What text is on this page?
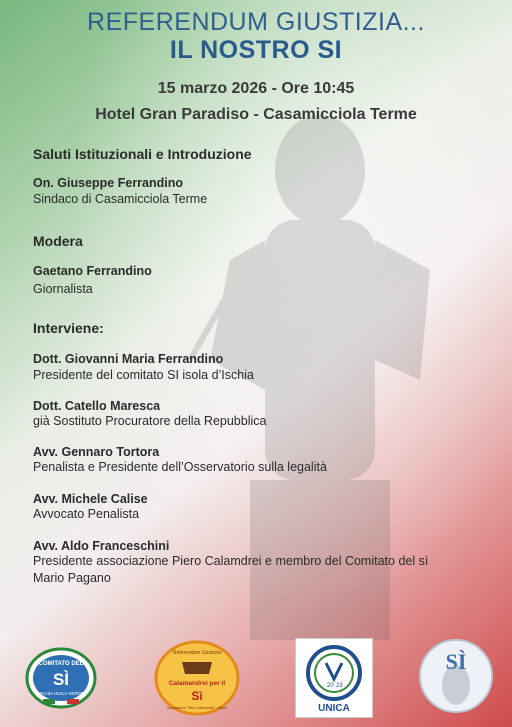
REFERENDUM GIUSTIZIA...
IL NOSTRO SI
15 marzo 2026 - Ore 10:45
Hotel Gran Paradiso - Casamicciola Terme
Saluti Istituzionali e Introduzione
On. Giuseppe Ferrandino
Sindaco di Casamicciola Terme
Modera
Gaetano Ferrandino
Giornalista
Interviene:
Dott. Giovanni Maria Ferrandino
Presidente del comitato SI isola d’Ischia
Dott. Catello Maresca
già Sostituto Procuratore della Repubblica
Avv. Gennaro Tortora
Penalista e Presidente dell’Osservatorio sulla legalità
Avv. Michele Calise
Avvocato Penalista
Avv. Aldo Franceschini
Presidente associazione Piero Calamdrei e membro del Comitato del sì
Mario Pagano
COMITATO DEL
SÌ
ISCHIA ISOLA VERDE
Referendum Giustizia
Calamandrei per il
Sì
Associazione "Piero Calamandrei" - Napoli
20 23
UNICA
SÌ
